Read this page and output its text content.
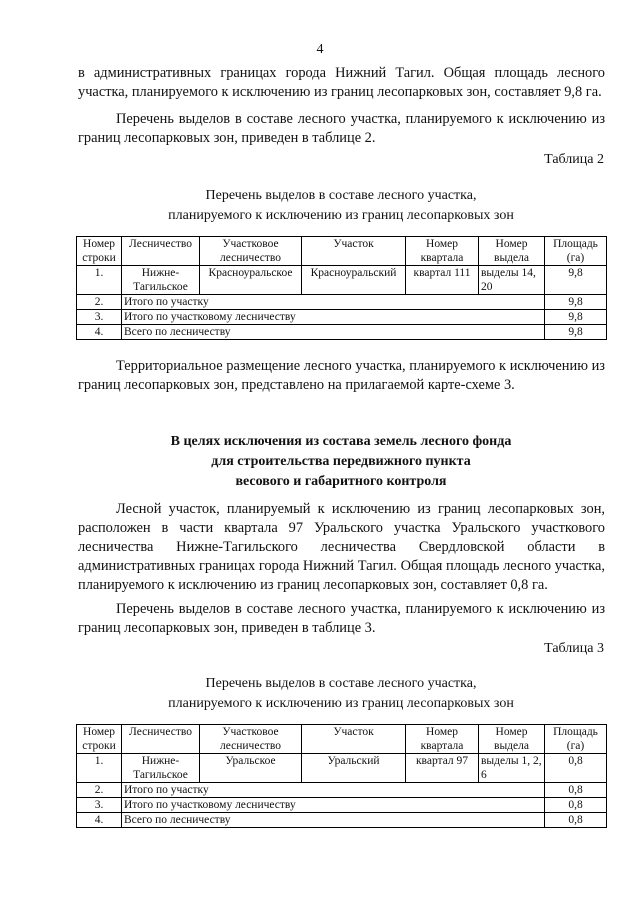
4

в административных границах города Нижний Тагил. Общая площадь лесного участка, планируемого к исключению из границ лесопарковых зон, составляет 9,8 га.

Перечень выделов в составе лесного участка, планируемого к исключению из границ лесопарковых зон, приведен в таблице 2.

Таблица 2
Перечень выделов в составе лесного участка,
планируемого к исключению из границ лесопарковых зон
Номер строки	Лесничество	Участковое лесничество	Участок	Номер квартала	Номер выдела	Площадь (га)
1.	Нижне-Тагильское	Красноуральское	Красноуральский	квартал 111	выделы 14, 20	9,8
2.	Итого по участку					9,8
3.	Итого по участковому лесничеству					9,8
4.	Всего по лесничеству					9,8

Территориальное размещение лесного участка, планируемого к исключению из границ лесопарковых зон, представлено на прилагаемой карте-схеме 3.

В целях исключения из состава земель лесного фонда
для строительства передвижного пункта
весового и габаритного контроля

Лесной участок, планируемый к исключению из границ лесопарковых зон, расположен в части квартала 97 Уральского участка Уральского участкового лесничества Нижне-Тагильского лесничества Свердловской области в административных границах города Нижний Тагил. Общая площадь лесного участка, планируемого к исключению из границ лесопарковых зон, составляет 0,8 га.

Перечень выделов в составе лесного участка, планируемого к исключению из границ лесопарковых зон, приведен в таблице 3.

Таблица 3
Перечень выделов в составе лесного участка,
планируемого к исключению из границ лесопарковых зон
Номер строки	Лесничество	Участковое лесничество	Участок	Номер квартала	Номер выдела	Площадь (га)
1.	Нижне-Тагильское	Уральское	Уральский	квартал 97	выделы 1, 2, 6	0,8
2.	Итого по участку					0,8
3.	Итого по участковому лесничеству					0,8
4.	Всего по лесничеству					0,8
